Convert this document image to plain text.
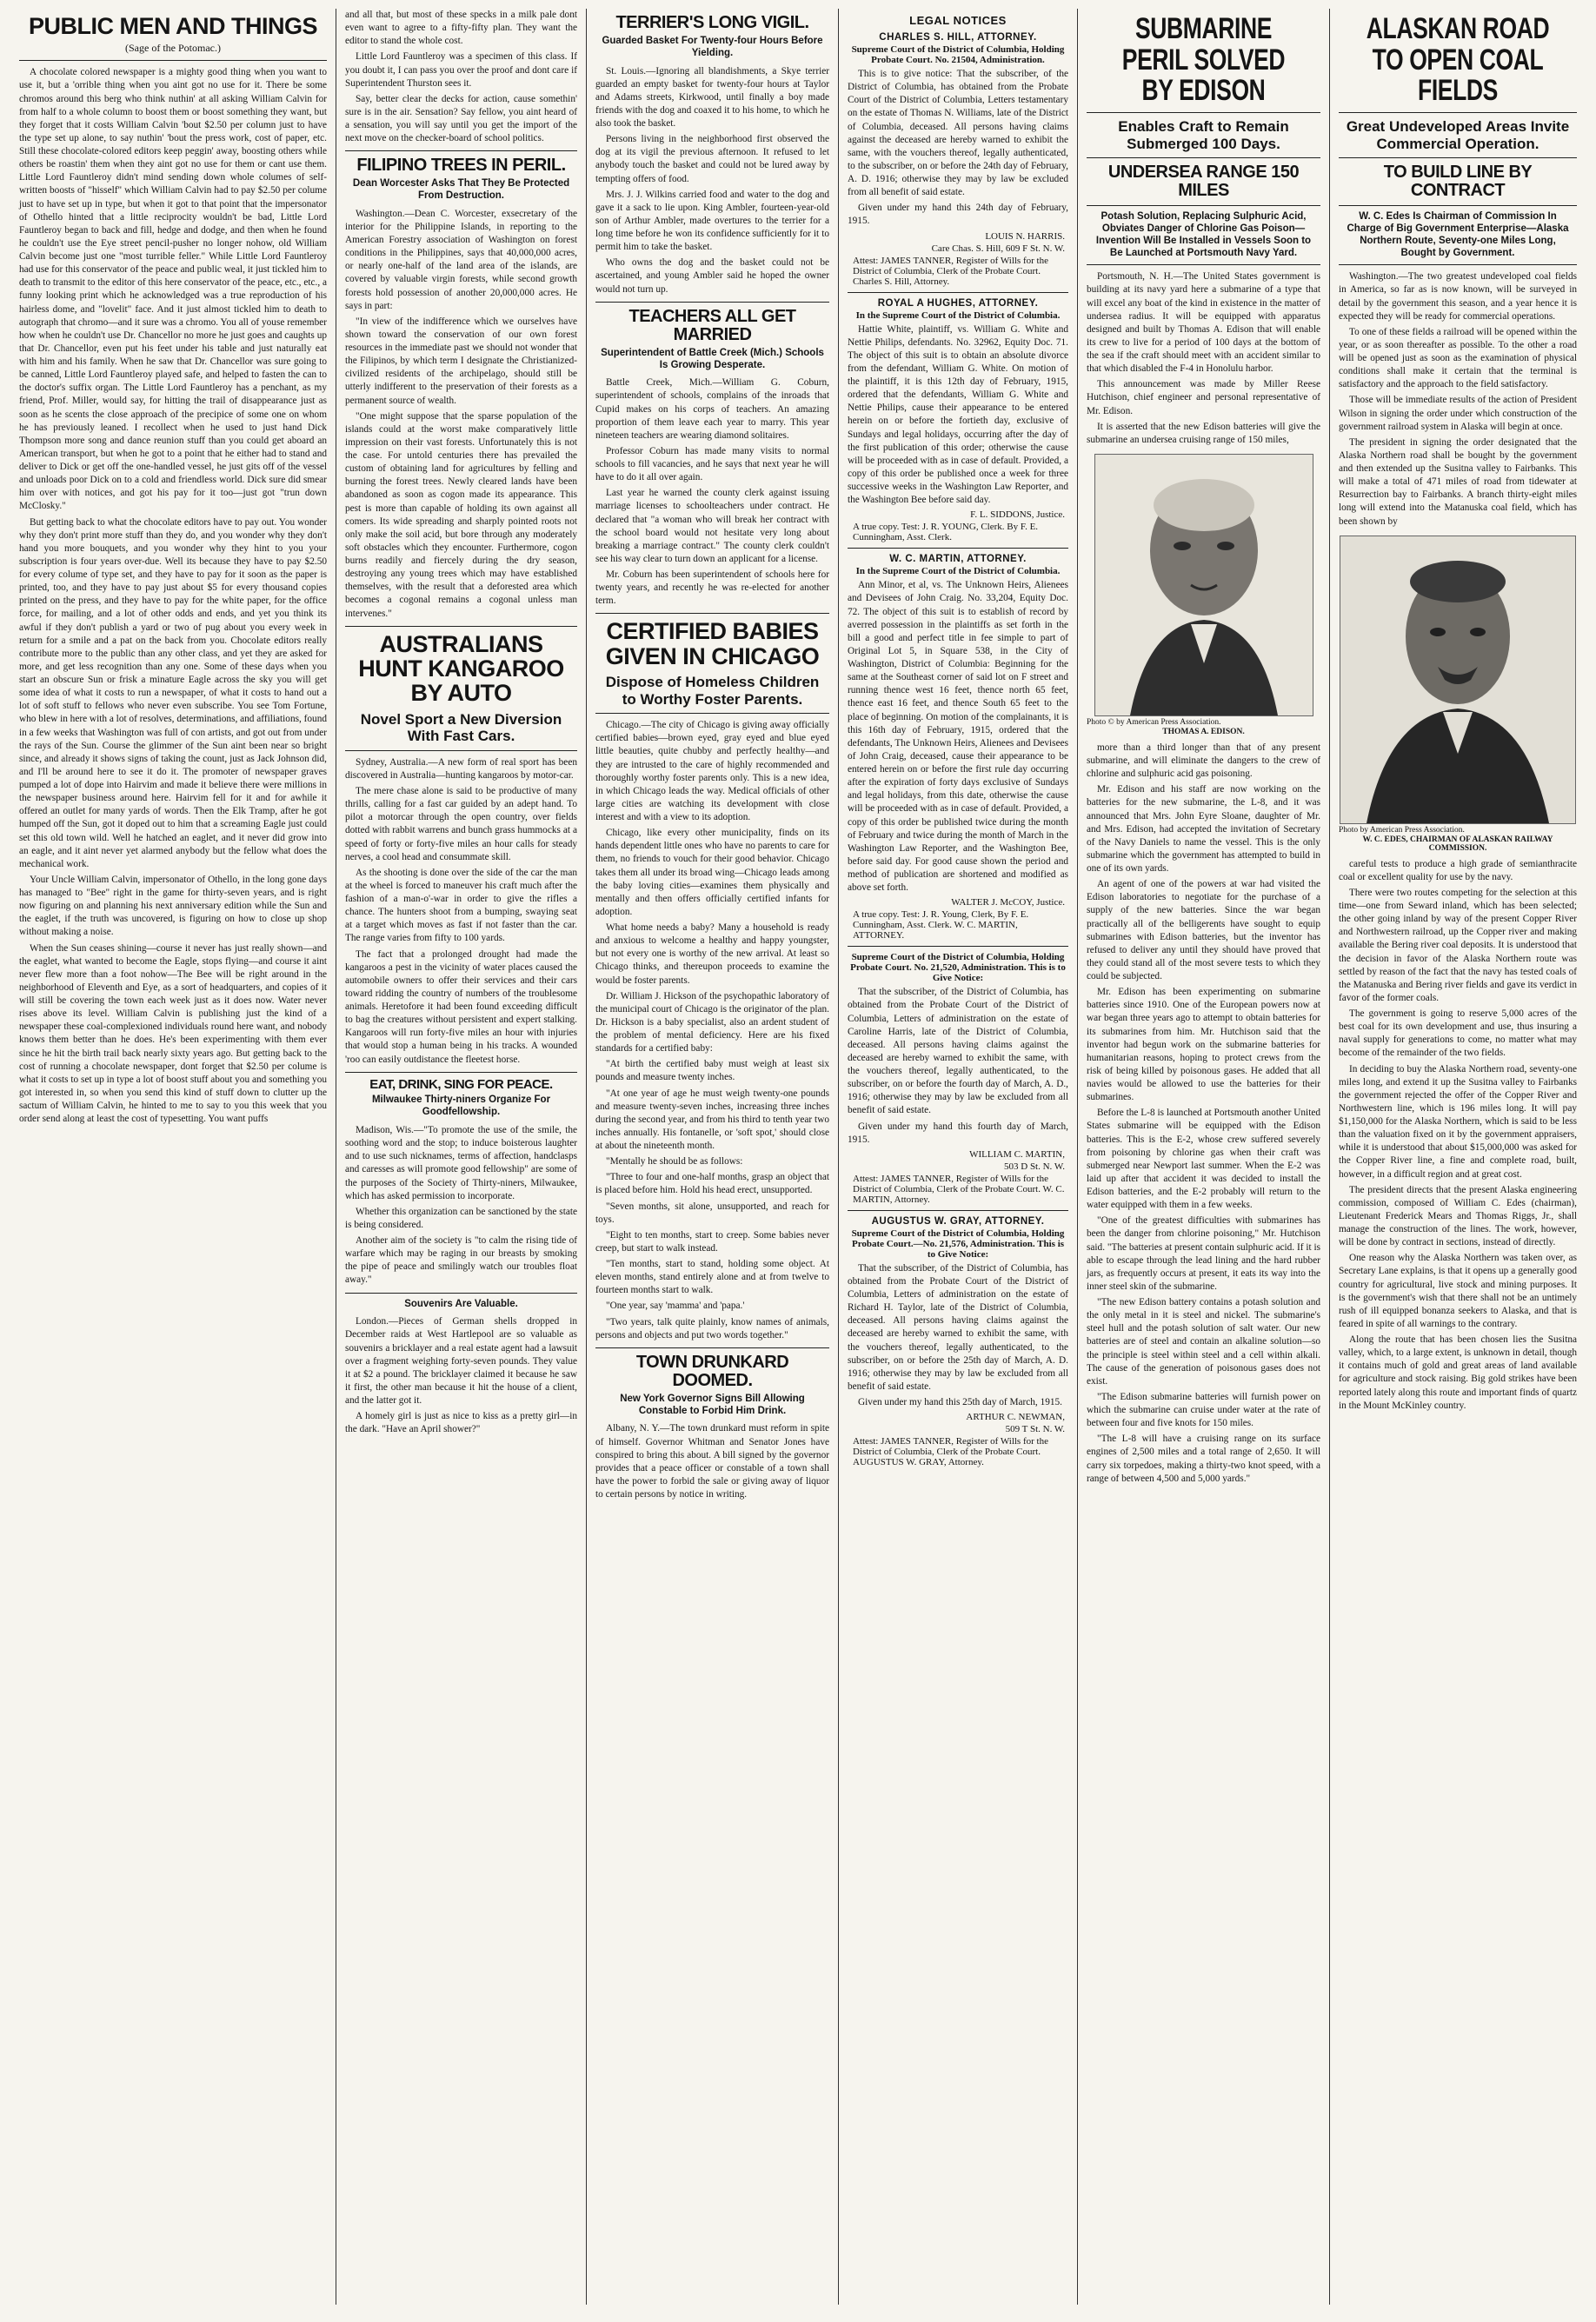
PUBLIC MEN AND THINGS
(Sage of the Potomac.)

A chocolate colored newspaper is a mighty good thing when you want to use it, but a 'orrible thing when you aint got no use for it. There be some chromos around this berg who think nuthin' at all asking William Calvin for from half to a whole column to boost them or boost something they want, but they forget that it costs William Calvin 'bout $2.50 per column just to have the type set up alone, to say nuthin' 'bout the press work, cost of paper, etc. Still these chocolate-colored editors keep peggin' away, boosting others while others be roastin' them when they aint got no use for them or cant use them. Little Lord Fauntleroy didn't mind sending down whole columes of self-written boosts of "hisself" which William Calvin had to pay $2.50 per colume just to have set up in type, but when it got to that point that the impersonator of Othello hinted that a little reciprocity wouldn't be bad, Little Lord Fauntleroy began to back and fill, hedge and dodge, and then when he found he couldn't use the Eye street pencil-pusher no longer nohow, old William Calvin become just one "most turrible feller." While Little Lord Fauntleroy had use for this conservator of the peace and public weal, it just tickled him to death to transmit to the editor of this here conservator of the peace, etc., etc., a funny looking print which he acknowledged was a true reproduction of his hairless dome, and "lovelit" face. And it just almost tickled him to death to autograph that chromo—and it sure was a chromo. You all of youse remember how when he couldn't use Dr. Chancellor no more he just goes and caughts up that Dr. Chancellor, even put his feet under his table and just naturally eat with him and his family. When he saw that Dr. Chancellor was sure going to be canned, Little Lord Fauntleroy played safe, and helped to fasten the can to the doctor's suffix organ. The Little Lord Fauntleroy has a penchant, as my friend, Prof. Miller, would say, for hitting the trail of disappearance just as soon as he scents the close approach of the precipice of some one on whom he has previously leaned. I recollect when he used to just hand Dick Thompson more song and dance reunion stuff than you could get aboard an American transport, but when he got to a point that he either had to stand and deliver to Dick or get off the one-handled vessel, he just gits off of the vessel and unloads poor Dick on to a cold and friendless world. Dick sure did smear him over with notices, and got his pay for it too—just got "trun down McClosky."

But getting back to what the chocolate editors have to pay out. You wonder why they don't print more stuff than they do, and you wonder why they don't hand you more bouquets, and you wonder why they hint to you your subscription is four years over-due. Well its because they have to pay $2.50 for every colume of type set, and they have to pay for it soon as the paper is printed, too, and they have to pay just about $5 for every thousand copies printed on the press, and they have to pay for the white paper, for the office force, for mailing, and a lot of other odds and ends, and yet you think its awful if they don't publish a yard or two of pug about you every week in return for a smile and a pat on the back from you. Chocolate editors really contribute more to the public than any other class, and yet they are asked for more, and get less recognition than any one. Some of these days when you start an obscure Sun or frisk a minature Eagle across the sky you will get some idea of what it costs to run a newspaper, of what it costs to hand out a lot of soft stuff to fellows who never even subscribe. You see Tom Fortune, who blew in here with a lot of resolves, determinations, and affiliations, found in a few weeks that Washington was full of con artists, and got out from under the rays of the Sun. Course the glimmer of the Sun aint been near so bright since, and already it shows signs of taking the count, just as Jack Johnson did, and I'll be around here to see it do it. The promoter of newspaper graves pumped a lot of dope into Hairvim and made it believe there were millions in the newspaper business around here. Hairvim fell for it and for awhile it offered an outlet for many yards of words. Then the Elk Tramp, after he got humped off the Sun, got it doped out to him that a screaming Eagle just could set this old town wild. Well he hatched an eaglet, and it never did grow into an eagle, and it aint never yet alarmed anybody but the fellow what does the mechanical work.

Your Uncle William Calvin, impersonator of Othello, in the long gone days has managed to "Bee" right in the game for thirty-seven years, and is right now figuring on and planning his next anniversary edition while the Sun and the eaglet, if the truth was uncovered, is figuring on how to close up shop without making a noise.

When the Sun ceases shining—course it never has just really shown—and the eaglet, what wanted to become the Eagle, stops flying—and course it aint never flew more than a foot nohow—The Bee will be right around in the neighborhood of Eleventh and Eye, as a sort of headquarters, and copies of it will still be covering the town each week just as it does now. Water never rises above its level. William Calvin is publishing just the kind of a newspaper these coal-complexioned individuals round here want, and nobody knows them better than he does. He's been experimenting with them ever since he hit the birth trail back nearly sixty years ago. But getting back to the cost of running a chocolate newspaper, dont forget that $2.50 per colume is what it costs to set up in type a lot of boost stuff about you and something you got interested in, so when you send this kind of stuff down to clutter up the sactum of William Calvin, he hinted to me to say to you this week that you order send along at least the cost of typesetting. You want puffs

and all that, but most of these specks in a milk pale dont even want to agree to a fifty-fifty plan. They want the editor to stand the whole cost.

Little Lord Fauntleroy was a specimen of this class. If you doubt it, I can pass you over the proof and dont care if Superintendent Thurston sees it.

Say, better clear the decks for action, cause somethin' sure is in the air. Sensation? Say fellow, you aint heard of a sensation, you will say until you get the import of the next move on the checker-board of school politics.

FILIPINO TREES IN PERIL.
Dean Worcester Asks That They Be Protected From Destruction.

Washington.—Dean C. Worcester, exsecretary of the interior for the Philippine Islands, in reporting to the American Forestry association of Washington on forest conditions in the Philippines, says that 40,000,000 acres, or nearly one-half of the land area of the islands, are covered by valuable virgin forests, while second growth forests hold possession of another 20,000,000 acres. He says in part:

"In view of the indifference which we ourselves have shown toward the conservation of our own forest resources in the immediate past we should not wonder that the Filipinos, by which term I designate the Christianized-civilized residents of the archipelago, should still be utterly indifferent to the preservation of their forests as a permanent source of wealth.

"One might suppose that the sparse population of the islands could at the worst make comparatively little impression on their vast forests. Unfortunately this is not the case. For untold centuries there has prevailed the custom of obtaining land for agricultures by felling and burning the forest trees. Newly cleared lands have been abandoned as soon as cogon made its appearance. This pest is more than capable of holding its own against all comers. Its wide spreading and sharply pointed roots not only make the soil acid, but bore through any moderately soft obstacles which they encounter. Furthermore, cogon burns readily and fiercely during the dry season, destroying any young trees which may have established themselves, with the result that a deforested area which becomes a cogonal remains a cogonal unless man intervenes."

AUSTRALIANS HUNT KANGAROO BY AUTO
Novel Sport a New Diversion With Fast Cars.

Sydney, Australia.—A new form of real sport has been discovered in Australia—hunting kangaroos by motor-car.

The mere chase alone is said to be productive of many thrills, calling for a fast car guided by an adept hand. To pilot a motorcar through the open country, over fields dotted with rabbit warrens and bunch grass hummocks at a speed of forty or forty-five miles an hour calls for steady nerves, a cool head and consummate skill.

As the shooting is done over the side of the car the man at the wheel is forced to maneuver his craft much after the fashion of a man-o'-war in order to give the rifles a chance. The hunters shoot from a bumping, swaying seat at a target which moves as fast if not faster than the car. The range varies from fifty to 100 yards.

The fact that a prolonged drought had made the kangaroos a pest in the vicinity of water places caused the automobile owners to offer their services and their cars toward ridding the country of numbers of the troublesome animals. Heretofore it had been found exceeding difficult to bag the creatures without persistent and expert stalking. Kangaroos will run forty-five miles an hour with injuries that would stop a human being in his tracks. A wounded 'roo can easily outdistance the fleetest horse.

EAT, DRINK, SING FOR PEACE.
Milwaukee Thirty-niners Organize For Goodfellowship.

Madison, Wis.—"To promote the use of the smile, the soothing word and the stop; to induce boisterous laughter and to use such nicknames, terms of affection, handclasps and caresses as will promote good fellowship" are some of the purposes of the Society of Thirty-niners, Milwaukee, which has asked permission to incorporate.

Whether this organization can be sanctioned by the state is being considered.

Another aim of the society is "to calm the rising tide of warfare which may be raging in our breasts by smoking the pipe of peace and smilingly watch our troubles float away."

Souvenirs Are Valuable.

London.—Pieces of German shells dropped in December raids at West Hartlepool are so valuable as souvenirs a bricklayer and a real estate agent had a lawsuit over a fragment weighing forty-seven pounds. They value it at $2 a pound. The bricklayer claimed it because he saw it first, the other man because it hit the house of a client, and the latter got it.

A homely girl is just as nice to kiss as a pretty girl—in the dark. "Have an April shower?"

TERRIER'S LONG VIGIL.
Guarded Basket For Twenty-four Hours Before Yielding.

St. Louis.—Ignoring all blandishments, a Skye terrier guarded an empty basket for twenty-four hours at Taylor and Adams streets, Kirkwood, until finally a boy made friends with the dog and coaxed it to his home, to which he also took the basket.

Persons living in the neighborhood first observed the dog at its vigil the previous afternoon. It refused to let anybody touch the basket and could not be lured away by tempting offers of food.

Mrs. J. J. Wilkins carried food and water to the dog and gave it a sack to lie upon. King Ambler, fourteen-year-old son of Arthur Ambler, made overtures to the terrier for a long time before he won its confidence sufficiently for it to permit him to take the basket.

Who owns the dog and the basket could not be ascertained, and young Ambler said he hoped the owner would not turn up.

TEACHERS ALL GET MARRIED
Superintendent of Battle Creek (Mich.) Schools Is Growing Desperate.

Battle Creek, Mich.—William G. Coburn, superintendent of schools, complains of the inroads that Cupid makes on his corps of teachers. An amazing proportion of them leave each year to marry. This year nineteen teachers are wearing diamond solitaires.

Professor Coburn has made many visits to normal schools to fill vacancies, and he says that next year he will have to do it all over again.

Last year he warned the county clerk against issuing marriage licenses to schoolteachers under contract. He declared that "a woman who will break her contract with the school board would not hesitate very long about breaking a marriage contract." The county clerk couldn't see his way clear to turn down an applicant for a license.

Mr. Coburn has been superintendent of schools here for twenty years, and recently he was re-elected for another term.

CERTIFIED BABIES GIVEN IN CHICAGO
Dispose of Homeless Children to Worthy Foster Parents.

Chicago.—The city of Chicago is giving away officially certified babies—brown eyed, gray eyed and blue eyed little beauties, quite chubby and perfectly healthy—and they are intrusted to the care of highly recommended and thoroughly worthy foster parents only. This is a new idea, in which Chicago leads the way. Medical officials of other large cities are watching its development with close interest and with a view to its adoption.

Chicago, like every other municipality, finds on its hands dependent little ones who have no parents to care for them, no friends to vouch for their good behavior. Chicago takes them all under its broad wing—Chicago leads among the baby loving cities—examines them physically and mentally and then offers officially certified infants for adoption.

What home needs a baby? Many a household is ready and anxious to welcome a healthy and happy youngster, but not every one is worthy of the new arrival. At least so Chicago thinks, and thereupon proceeds to examine the would be foster parents.

Dr. William J. Hickson of the psychopathic laboratory of the municipal court of Chicago is the originator of the plan. Dr. Hickson is a baby specialist, also an ardent student of the problem of mental deficiency. Here are his fixed standards for a certified baby:

"At birth the certified baby must weigh at least six pounds and measure twenty inches.

"At one year of age he must weigh twenty-one pounds and measure twenty-seven inches, increasing three inches during the second year, and from his third to tenth year two inches annually. His fontanelle, or 'soft spot,' should close at about the nineteenth month.

"Mentally he should be as follows:

"Three to four and one-half months, grasp an object that is placed before him. Hold his head erect, unsupported.

"Seven months, sit alone, unsupported, and reach for toys.

"Eight to ten months, start to creep. Some babies never creep, but start to walk instead.

"Ten months, start to stand, holding some object. At eleven months, stand entirely alone and at from twelve to fourteen months start to walk.

"One year, say 'mamma' and 'papa.'

"Two years, talk quite plainly, know names of animals, persons and objects and put two words together."

TOWN DRUNKARD DOOMED.
New York Governor Signs Bill Allowing Constable to Forbid Him Drink.

Albany, N. Y.—The town drunkard must reform in spite of himself. Governor Whitman and Senator Jones have conspired to bring this about. A bill signed by the governor provides that a peace officer or constable of a town shall have the power to forbid the sale or giving away of liquor to certain persons by notice in writing.

LEGAL NOTICES
CHARLES S. HILL, ATTORNEY.
Supreme Court of the District of Columbia, Holding Probate Court. No. 21504, Administration.

This is to give notice: That the subscriber, of the District of Columbia, has obtained from the Probate Court of the District of Columbia, Letters testamentary on the estate of Thomas N. Williams, late of the District of Columbia, deceased. All persons having claims against the deceased are hereby warned to exhibit the same, with the vouchers thereof, legally authenticated, to the subscriber, on or before the 24th day of February, A. D. 1916; otherwise they may by law be excluded from all benefit of said estate.

Given under my hand this 24th day of February, 1915.

LOUIS N. HARRIS.
Care Chas. S. Hill, 609 F St. N. W.
Attest: JAMES TANNER, Register of Wills for the District of Columbia, Clerk of the Probate Court. Charles S. Hill, Attorney.
ROYAL A HUGHES, ATTORNEY.
In the Supreme Court of the District of Columbia.

Hattie White, plaintiff, vs. William G. White and Nettie Philips, defendants. No. 32962, Equity Doc. 71. The object of this suit is to obtain an absolute divorce from the defendant, William G. White. On motion of the plaintiff, it is this 12th day of February, 1915, ordered that the defendants, William G. White and Nettie Philips, cause their appearance to be entered herein on or before the fortieth day, exclusive of Sundays and legal holidays, occurring after the day of the first publication of this order; otherwise the cause will be proceeded with as in case of default. Provided, a copy of this order be published once a week for three successive weeks in the Washington Law Reporter, and the Washington Bee before said day.

F. L. SIDDONS, Justice.
A true copy. Test: J. R. YOUNG, Clerk. By F. E. Cunningham, Asst. Clerk.
W. C. MARTIN, ATTORNEY.
In the Supreme Court of the District of Columbia.

Ann Minor, et al, vs. The Unknown Heirs, Alienees and Devisees of John Craig. No. 33,204, Equity Doc. 72. The object of this suit is to establish of record by averred possession in the plaintiffs as set forth in the bill a good and perfect title in fee simple to part of Original Lot 5, in Square 538, in the City of Washington, District of Columbia: Beginning for the same at the Southeast corner of said lot on F street and running thence west 16 feet, thence north 65 feet, thence east 16 feet, and thence South 65 feet to the place of beginning. On motion of the complainants, it is this 16th day of February, 1915, ordered that the defendants, The Unknown Heirs, Alienees and Devisees of John Craig, deceased, cause their appearance to be entered herein on or before the first rule day occurring after the expiration of forty days exclusive of Sundays and legal holidays, from this date, otherwise the cause will be proceeded with as in case of default. Provided, a copy of this order be published twice during the month of February and twice during the month of March in the Washington Law Reporter, and the Washington Bee, before said day. For good cause shown the period and method of publication are shortened and modified as above set forth.

WALTER J. McCOY, Justice.
A true copy. Test: J. R. Young, Clerk, By F. E. Cunningham, Asst. Clerk. W. C. MARTIN, ATTORNEY.
Supreme Court of the District of Columbia, Holding Probate Court. No. 21,520, Administration. This is to Give Notice:

That the subscriber, of the District of Columbia, has obtained from the Probate Court of the District of Columbia, Letters of administration on the estate of Caroline Harris, late of the District of Columbia, deceased. All persons having claims against the deceased are hereby warned to exhibit the same, with the vouchers thereof, legally authenticated, to the subscriber, on or before the fourth day of March, A. D., 1916; otherwise they may by law be excluded from all benefit of said estate.

Given under my hand this fourth day of March, 1915.

WILLIAM C. MARTIN,
503 D St. N. W.
Attest: JAMES TANNER, Register of Wills for the District of Columbia, Clerk of the Probate Court. W. C. MARTIN, Attorney.
AUGUSTUS W. GRAY, ATTORNEY.
Supreme Court of the District of Columbia, Holding Probate Court.—No. 21,576, Administration. This is to Give Notice:

That the subscriber, of the District of Columbia, has obtained from the Probate Court of the District of Columbia, Letters of administration on the estate of Richard H. Taylor, late of the District of Columbia, deceased. All persons having claims against the deceased are hereby warned to exhibit the same, with the vouchers thereof, legally authenticated, to the subscriber, on or before the 25th day of March, A. D. 1916; otherwise they may by law be excluded from all benefit of said estate.

Given under my hand this 25th day of March, 1915.

ARTHUR C. NEWMAN,
509 T St. N. W.
Attest: JAMES TANNER, Register of Wills for the District of Columbia, Clerk of the Probate Court. AUGUSTUS W. GRAY, Attorney.
SUBMARINE PERIL SOLVED BY EDISON
Enables Craft to Remain Submerged 100 Days.
UNDERSEA RANGE 150 MILES
Potash Solution, Replacing Sulphuric Acid, Obviates Danger of Chlorine Gas Poison—Invention Will Be Installed in Vessels Soon to Be Launched at Portsmouth Navy Yard.

Portsmouth, N. H.—The United States government is building at its navy yard here a submarine of a type that will excel any boat of the kind in existence in the matter of undersea radius. It will be equipped with apparatus designed and built by Thomas A. Edison that will enable its crew to live for a period of 100 days at the bottom of the sea if the craft should meet with an accident similar to that which disabled the F-4 in Honolulu harbor.

This announcement was made by Miller Reese Hutchison, chief engineer and personal representative of Mr. Edison.

It is asserted that the new Edison batteries will give the submarine an undersea cruising range of 150 miles,

Photo © by American Press Association.
THOMAS A. EDISON.

more than a third longer than that of any present submarine, and will eliminate the dangers to the crew of chlorine and sulphuric acid gas poisoning.

Mr. Edison and his staff are now working on the batteries for the new submarine, the L-8, and it was announced that Mrs. John Eyre Sloane, daughter of Mr. and Mrs. Edison, had accepted the invitation of Secretary of the Navy Daniels to name the vessel. This is the only submarine which the government has attempted to build in one of its own yards.

An agent of one of the powers at war had visited the Edison laboratories to negotiate for the purchase of a supply of the new batteries. Since the war began practically all of the belligerents have sought to equip submarines with Edison batteries, but the inventor has refused to deliver any until they should have proved that they could stand all of the most severe tests to which they could be subjected.

Mr. Edison has been experimenting on submarine batteries since 1910. One of the European powers now at war began three years ago to attempt to obtain batteries for its submarines from him. Mr. Hutchison said that the inventor had begun work on the submarine batteries for humanitarian reasons, hoping to protect crews from the risk of being killed by poisonous gases. He added that all navies would be allowed to use the batteries for their submarines.

Before the L-8 is launched at Portsmouth another United States submarine will be equipped with the Edison batteries. This is the E-2, whose crew suffered severely from poisoning by chlorine gas when their craft was submerged near Newport last summer. When the E-2 was laid up after that accident it was decided to install the Edison batteries, and the E-2 probably will return to the water equipped with them in a few weeks.

"One of the greatest difficulties with submarines has been the danger from chlorine poisoning," Mr. Hutchison said. "The batteries at present contain sulphuric acid. If it is able to escape through the lead lining and the hard rubber jars, as frequently occurs at present, it eats its way into the inner steel skin of the submarine.

"The new Edison battery contains a potash solution and the only metal in it is steel and nickel. The submarine's steel hull and the potash solution of salt water. Our new batteries are of steel and contain an alkaline solution—so the principle is steel within steel and a cell within alkali. The cause of the generation of poisonous gases does not exist.

"The Edison submarine batteries will furnish power on which the submarine can cruise under water at the rate of between four and five knots for 150 miles.

"The L-8 will have a cruising range on its surface engines of 2,500 miles and a total range of 2,650. It will carry six torpedoes, making a thirty-two knot speed, with a range of between 4,500 and 5,000 yards."

ALASKAN ROAD TO OPEN COAL FIELDS
Great Undeveloped Areas Invite Commercial Operation.
TO BUILD LINE BY CONTRACT
W. C. Edes Is Chairman of Commission In Charge of Big Government Enterprise—Alaska Northern Route, Seventy-one Miles Long, Bought by Government.

Washington.—The two greatest undeveloped coal fields in America, so far as is now known, will be surveyed in detail by the government this season, and a year hence it is expected they will be ready for commercial operations.

To one of these fields a railroad will be opened within the year, or as soon thereafter as possible. To the other a road will be opened just as soon as the examination of physical conditions shall make it certain that the terminal is satisfactory and the approach to the field satisfactory.

Those will be immediate results of the action of President Wilson in signing the order under which construction of the government railroad system in Alaska will begin at once.

The president in signing the order designated that the Alaska Northern road shall be bought by the government and then extended up the Susitna valley to Fairbanks. This will make a total of 471 miles of road from tidewater at Resurrection bay to Fairbanks. A branch thirty-eight miles long will extend into the Matanuska coal field, which has been shown by

Photo by American Press Association.
W. C. EDES, CHAIRMAN OF ALASKAN RAILWAY COMMISSION.

careful tests to produce a high grade of semianthracite coal or excellent quality for use by the navy.

There were two routes competing for the selection at this time—one from Seward inland, which has been selected; the other going inland by way of the present Copper River and Northwestern railroad, up the Copper river and making available the Bering river coal deposits. It is understood that the decision in favor of the Alaska Northern route was settled by reason of the fact that the navy has tested coals of the Matanuska and Bering river fields and gave its verdict in favor of the former coals.

The government is going to reserve 5,000 acres of the best coal for its own development and use, thus insuring a naval supply for generations to come, no matter what may become of the remainder of the two fields.

In deciding to buy the Alaska Northern road, seventy-one miles long, and extend it up the Susitna valley to Fairbanks the government rejected the offer of the Copper River and Northwestern line, which is 196 miles long. It will pay $1,150,000 for the Alaska Northern, which is said to be less than the valuation fixed on it by the government appraisers, while it is understood that about $15,000,000 was asked for the Copper River line, a fine and complete road, built, however, in a difficult region and at great cost.

The president directs that the present Alaska engineering commission, composed of William C. Edes (chairman), Lieutenant Frederick Mears and Thomas Riggs, Jr., shall manage the construction of the lines. The work, however, will be done by contract in sections, instead of directly.

One reason why the Alaska Northern was taken over, as Secretary Lane explains, is that it opens up a generally good country for agricultural, live stock and mining purposes. It is the government's wish that there shall not be an untimely rush of ill equipped bonanza seekers to Alaska, and that is feared in spite of all warnings to the contrary.

Along the route that has been chosen lies the Susitna valley, which, to a large extent, is unknown in detail, though it contains much of gold and great areas of land available for agriculture and stock raising. Big gold strikes have been reported lately along this route and important finds of quartz in the Mount McKinley country.
